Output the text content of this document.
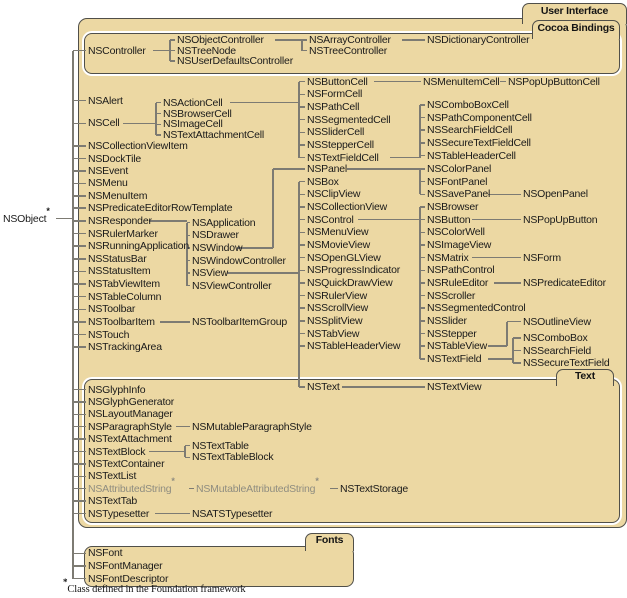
User Interface
Cocoa Bindings
Text
Fonts
NSObject*
NSController
NSObjectController
NSTreeNode
NSUserDefaultsController
NSArrayController
NSTreeController
NSDictionaryController
NSAlert
NSCell
NSCollectionViewItem
NSDockTile
NSEvent
NSMenu
NSMenuItem
NSPredicateEditorRowTemplate
NSResponder
NSRulerMarker
NSRunningApplication
NSStatusBar
NSStatusItem
NSTabViewItem
NSTableColumn
NSToolbar
NSToolbarItem
NSTouch
NSTrackingArea
NSActionCell
NSBrowserCell
NSImageCell
NSTextAttachmentCell
NSButtonCell
NSFormCell
NSPathCell
NSSegmentedCell
NSSliderCell
NSStepperCell
NSTextFieldCell
NSMenuItemCell NSPopUpButtonCell
NSComboBoxCell
NSPathComponentCell
NSSearchFieldCell
NSSecureTextFieldCell
NSTableHeaderCell
NSApplication
NSDrawer
NSWindow
NSWindowController
NSView
NSViewController
NSToolbarItemGroup
NSPanel	NSColorPanel
NSFontPanel
NSSavePanel	NSOpenPanel
NSBox
NSClipView
NSCollectionView
NSControl
NSMenuView
NSMovieView
NSOpenGLView
NSProgressIndicator
NSQuickDrawView
NSRulerView
NSScrollView
NSSplitView
NSTabView
NSTableHeaderView
NSBrowser
NSButton
NSColorWell
NSImageView
NSMatrix
NSPathControl
NSRuleEditor
NSScroller
NSSegmentedControl
NSSlider
NSStepper
NSTableView
NSTextField
NSPopUpButton
NSForm
NSPredicateEditor
NSOutlineView
NSComboBox
NSSearchField
NSSecureTextField
NSText	NSTextView
NSGlyphInfo
NSGlyphGenerator
NSLayoutManager
NSParagraphStyle NSMutableParagraphStyle
NSTextAttachment
NSTextBlock	NSTextTable
NSTextTableBlock
NSTextContainer
NSTextList
NSAttributedString*
NSMutableAttributedString*
NSTextStorage
NSTextTab
NSTypesetter	NSATSTypesetter
NSFont
NSFontManager
NSFontDescriptor
*Class defined in the Foundation framework
